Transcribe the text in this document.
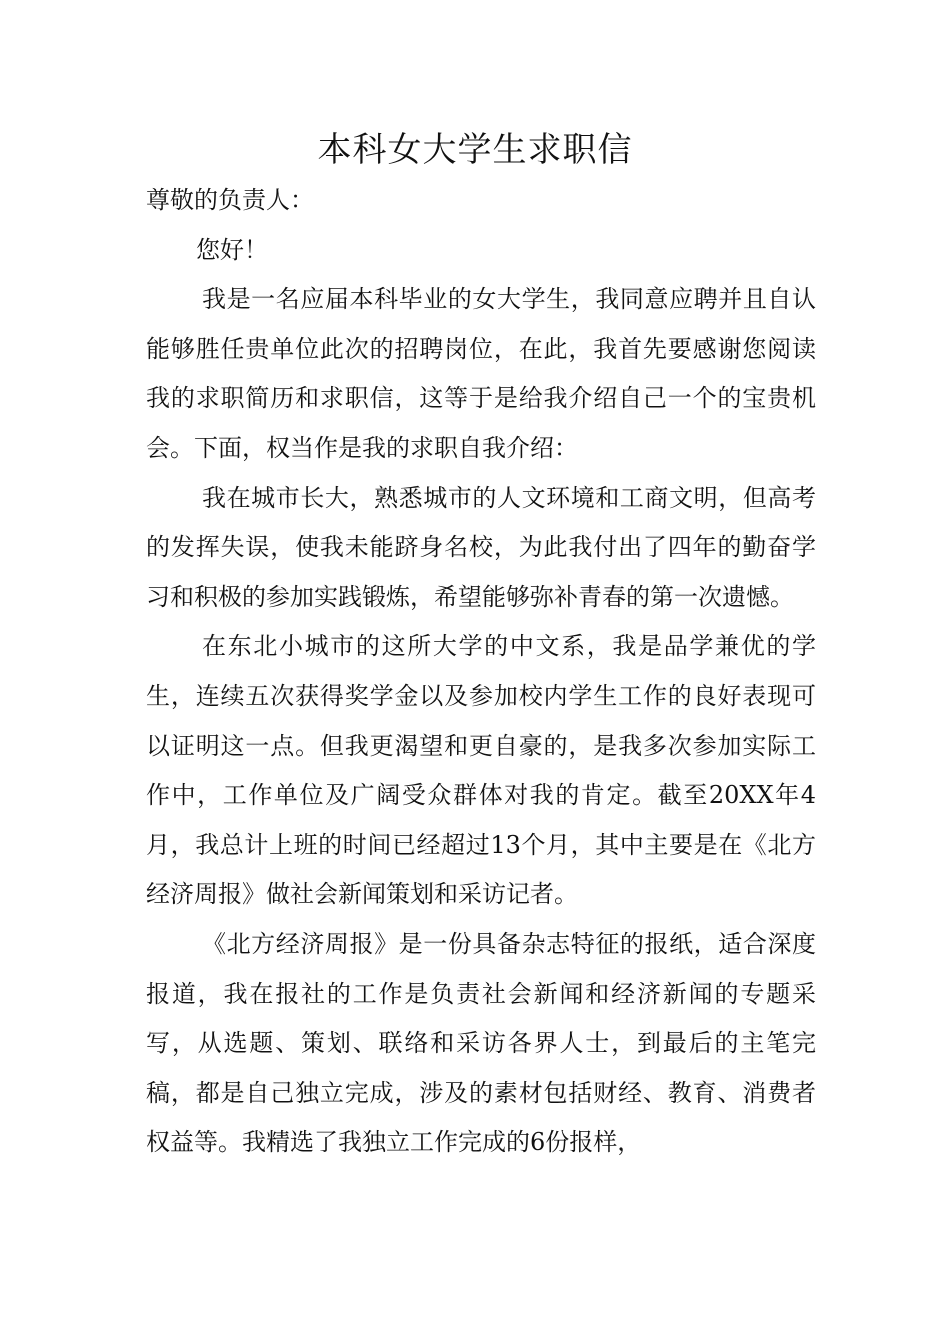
本科女大学生求职信

尊敬的负责人：

您好！

我是一名应届本科毕业的女大学生，我同意应聘并且自认能够胜任贵单位此次的招聘岗位，在此，我首先要感谢您阅读我的求职简历和求职信，这等于是给我介绍自己一个的宝贵机会。下面，权当作是我的求职自我介绍：

我在城市长大，熟悉城市的人文环境和工商文明，但高考的发挥失误，使我未能跻身名校，为此我付出了四年的勤奋学习和积极的参加实践锻炼，希望能够弥补青春的第一次遗憾。

在东北小城市的这所大学的中文系，我是品学兼优的学生，连续五次获得奖学金以及参加校内学生工作的良好表现可以证明这一点。但我更渴望和更自豪的，是我多次参加实际工作中，工作单位及广阔受众群体对我的肯定。截至20XX年4月，我总计上班的时间已经超过13个月，其中主要是在《北方经济周报》做社会新闻策划和采访记者。

《北方经济周报》是一份具备杂志特征的报纸，适合深度报道，我在报社的工作是负责社会新闻和经济新闻的专题采写，从选题、策划、联络和采访各界人士，到最后的主笔完稿，都是自己独立完成，涉及的素材包括财经、教育、消费者权益等。我精选了我独立工作完成的6份报样，
